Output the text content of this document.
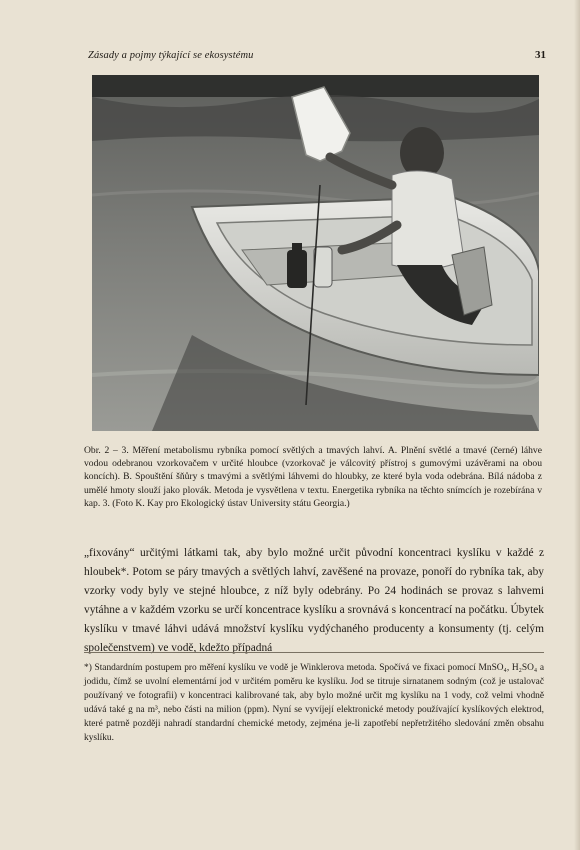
Zásady a pojmy týkající se ekosystému	31
Obr. 2 – 3. Měření metabolismu rybníka pomocí světlých a tmavých lahví. A. Plnění světlé a tmavé (černé) láhve vodou odebranou vzorkovačem v určité hloubce (vzorkovač je válcovitý přístroj s gumovými uzávěrami na obou koncích). B. Spouštění šňůry s tmavými a světlými láhvemi do hloubky, ze které byla voda odebrána. Bílá nádoba z umělé hmoty slouží jako plovák. Metoda je vysvětlena v textu. Energetika rybníka na těchto snímcích je rozebírána v kap. 3. (Foto K. Kay pro Ekologický ústav University státu Georgia.)
„fixovány“ určitými látkami tak, aby bylo možné určit původní koncentraci kyslíku v každé z hloubek*. Potom se páry tmavých a světlých lahví, zavěšené na provaze, ponoří do rybníka tak, aby vzorky vody byly ve stejné hloubce, z níž byly odebrány. Po 24 hodinách se provaz s lahvemi vytáhne a v každém vzorku se určí koncentrace kyslíku a srovnává s koncentrací na počátku. Úbytek kyslíku v tmavé láhvi udává množství kyslíku vydýchaného producenty a konsumenty (tj. celým společenstvem) ve vodě, kdežto případná
*) Standardním postupem pro měření kyslíku ve vodě je Winklerova metoda. Spočívá ve fixaci pomocí MnSO₄, H₂SO₄ a jodidu, čímž se uvolní elementární jod v určitém poměru ke kyslíku. Jod se titruje sirnatanem sodným (což je ustalovač používaný ve fotografii) v koncentraci kalibrované tak, aby bylo možné určit mg kyslíku na 1 vody, což velmi vhodně udává také g na m³, nebo části na milion (ppm). Nyní se vyvíjejí elektronické metody používající kyslíkových elektrod, které patrně později nahradí standardní chemické metody, zejména je-li zapotřebí nepřetržitého sledování změn obsahu kyslíku.
